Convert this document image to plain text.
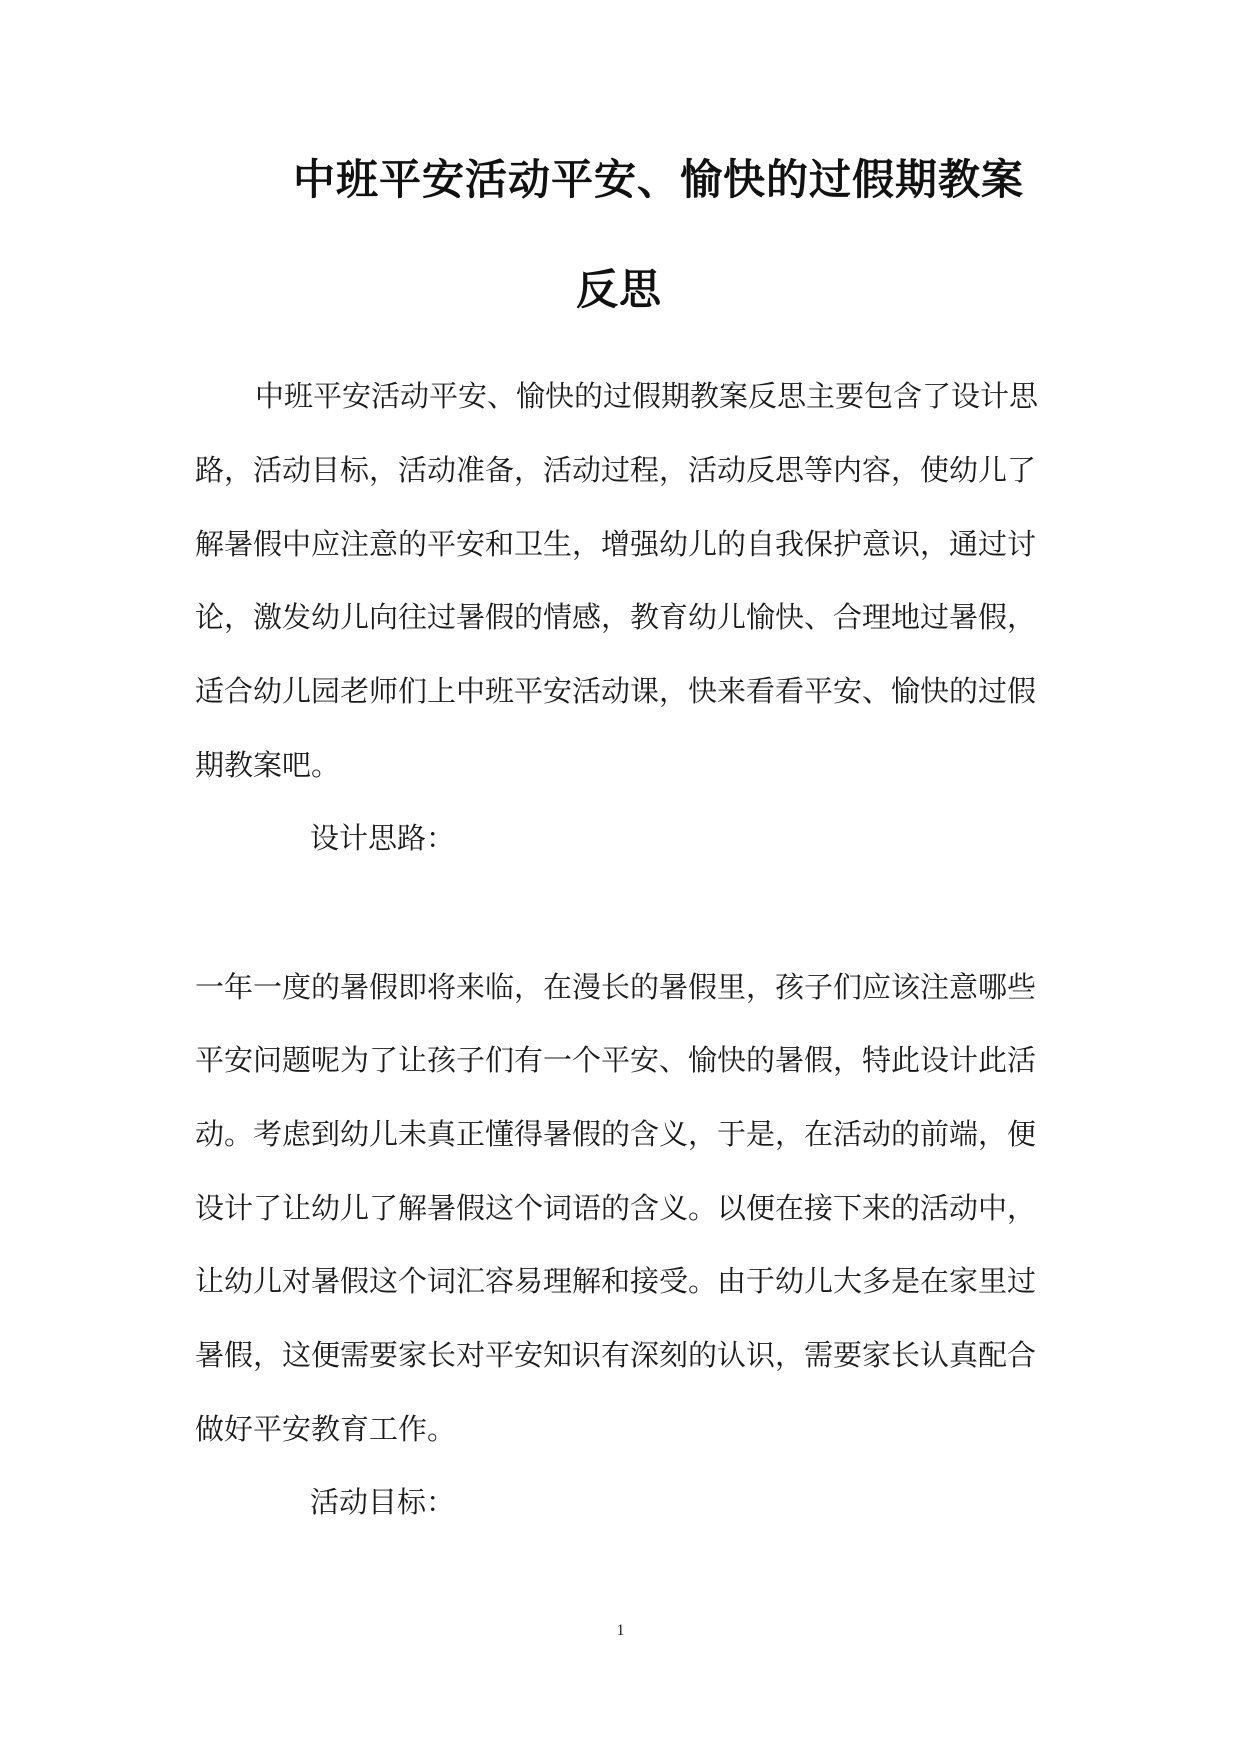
中班平安活动平安、愉快的过假期教案
反思
中班平安活动平安、愉快的过假期教案反思主要包含了设计思
路，活动目标，活动准备，活动过程，活动反思等内容，使幼儿了
解暑假中应注意的平安和卫生，增强幼儿的自我保护意识，通过讨
论，激发幼儿向往过暑假的情感，教育幼儿愉快、合理地过暑假，
适合幼儿园老师们上中班平安活动课，快来看看平安、愉快的过假
期教案吧。
设计思路：
一年一度的暑假即将来临，在漫长的暑假里，孩子们应该注意哪些
平安问题呢为了让孩子们有一个平安、愉快的暑假，特此设计此活
动。考虑到幼儿未真正懂得暑假的含义，于是，在活动的前端，便
设计了让幼儿了解暑假这个词语的含义。以便在接下来的活动中，
让幼儿对暑假这个词汇容易理解和接受。由于幼儿大多是在家里过
暑假，这便需要家长对平安知识有深刻的认识，需要家长认真配合
做好平安教育工作。
活动目标：
1
